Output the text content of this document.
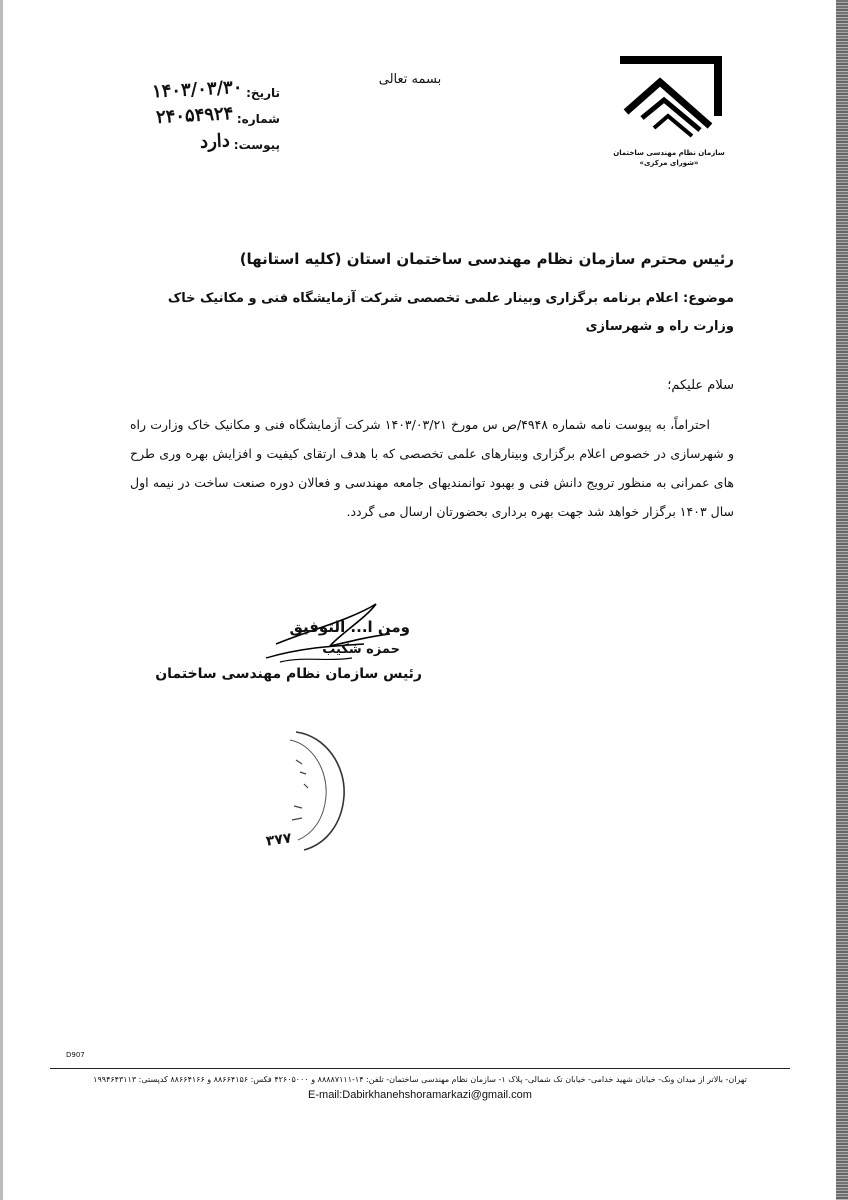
سازمان نظام مهندسی ساختمان
«شورای مرکزی»
بسمه تعالی
تاریخ:
۱۴۰۳/۰۳/۳۰
شماره:
۲۴۰۵۴۹۲۴
پیوست:
دارد
رئیس محترم سازمان نظام مهندسی ساختمان استان (کلیه استانها)
موضوع: اعلام برنامه برگزاری وبینار علمی تخصصی شرکت آزمایشگاه فنی و مکانیک خاک وزارت راه و شهرسازی
سلام علیکم؛
احتراماً، به پیوست نامه شماره ۴۹۴۸/ص س مورخ ۱۴۰۳/۰۳/۲۱ شرکت آزمایشگاه فنی و مکانیک خاک وزارت راه و شهرسازی در خصوص اعلام برگزاری وبینارهای علمی تخصصی که با هدف ارتقای کیفیت و افزایش بهره وری طرح های عمرانی به منظور ترویج دانش فنی و بهبود توانمندیهای جامعه مهندسی و فعالان دوره صنعت ساخت در نیمه اول سال ۱۴۰۳ برگزار خواهد شد جهت بهره برداری بحضورتان ارسال می گردد.
ومن ا... التوفیق
حمزه شکیب
رئیس سازمان نظام مهندسی ساختمان
۳۷۷
D907
تهران- بالاتر از میدان ونک- خیابان شهید خدامی- خیابان تک شمالی- پلاک ۱- سازمان نظام مهندسی ساختمان- تلفن: ۱۴-۸۸۸۸۷۱۱۱ و ۴۲۶۰۵۰۰۰ فکس: ۸۸۶۶۴۱۵۶ و ۸۸۶۶۴۱۶۶ کدپستی: ۱۹۹۴۶۴۳۱۱۳
E-mail:Dabirkhanehshoramarkazi@gmail.com
